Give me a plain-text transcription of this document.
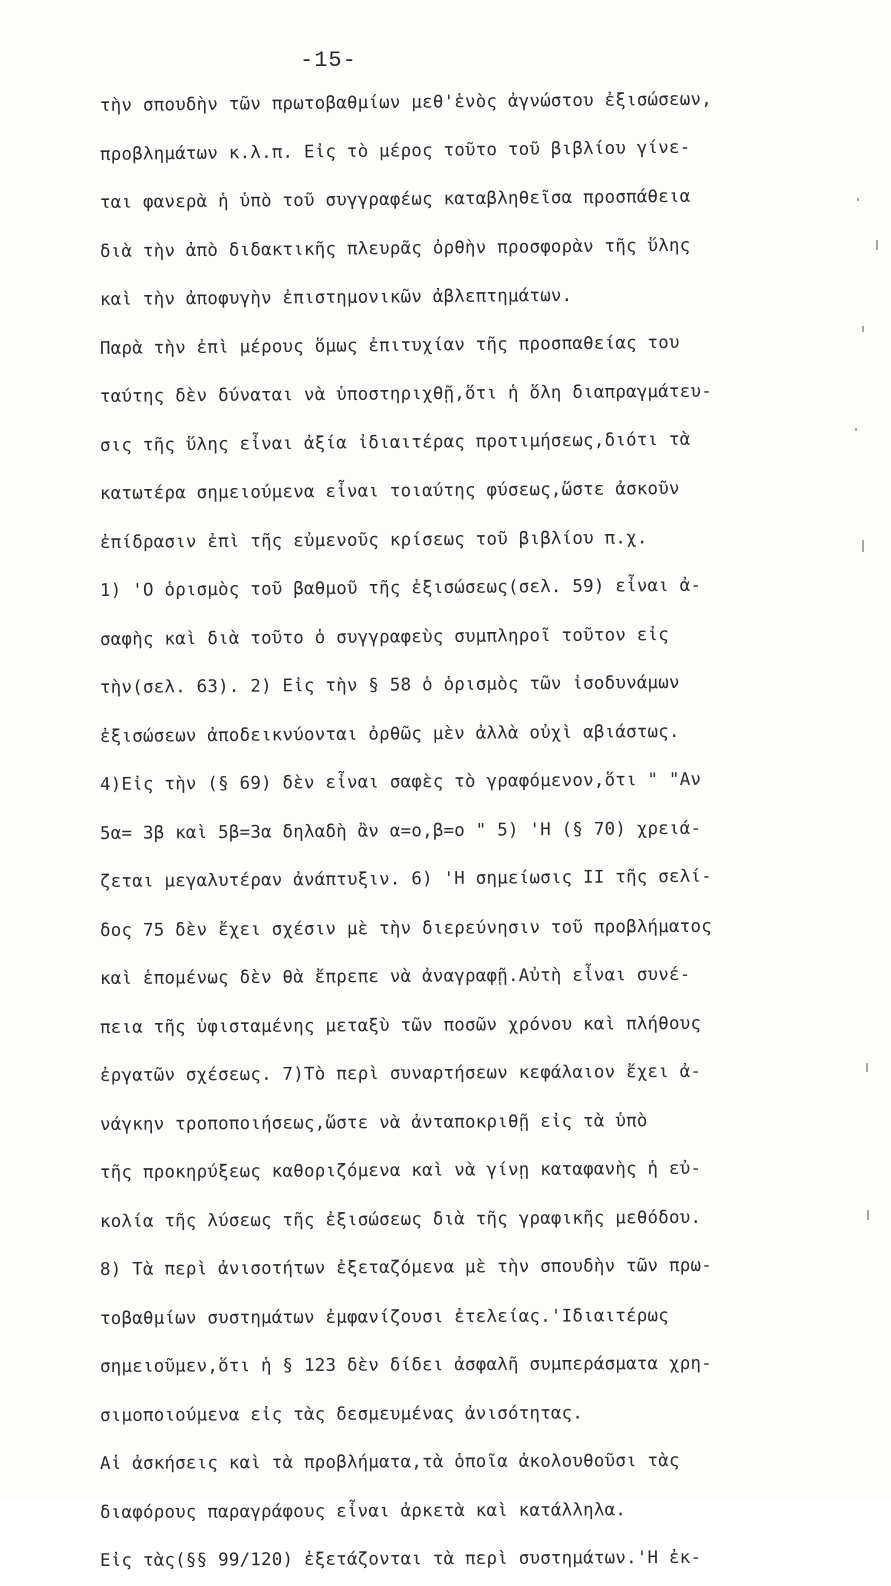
-15-
τὴν σπουδὴν τῶν πρωτοβαθμίων μεθ'ἑνὸς ἀγνώστου ἐξισώσεων,
προβλημάτων κ.λ.π. Εἰς τὸ μέρος τοῦτο τοῦ βιβλίου γίνε-
ται φανερὰ ἡ ὑπὸ τοῦ συγγραφέως καταβληθεῖσα προσπάθεια
διὰ τὴν ἀπὸ διδακτικῆς πλευρᾶς ὀρθὴν προσφορὰν τῆς ὕλης
καὶ τὴν ἀποφυγὴν ἐπιστημονικῶν ἀβλεπτημάτων.
Παρὰ τὴν ἐπὶ μέρους ὅμως ἐπιτυχίαν τῆς προσπαθείας του
ταύτης δὲν δύναται νὰ ὑποστηριχθῇ,ὅτι ἡ ὅλη διαπραγμάτευ-
σις τῆς ὕλης εἶναι ἀξία ἰδιαιτέρας προτιμήσεως,διότι τὰ
κατωτέρα σημειούμενα εἶναι τοιαύτης φύσεως,ὥστε ἀσκοῦν
ἐπίδρασιν ἐπὶ τῆς εὐμενοῦς κρίσεως τοῦ βιβλίου π.χ.
1) 'Ο ὁρισμὸς τοῦ βαθμοῦ τῆς ἐξισώσεως(σελ. 59) εἶναι ἀ-
σαφὴς καὶ διὰ τοῦτο ὁ συγγραφεὺς συμπληροῖ τοῦτον εἰς
τὴν(σελ. 63). 2) Εἰς τὴν § 58 ὁ ὁρισμὸς τῶν ἰσοδυνάμων
ἐξισώσεων ἀποδεικνύονται ὀρθῶς μὲν ἀλλὰ οὐχὶ αβιάστως.
4)Εἰς τὴν (§ 69) δὲν εἶναι σαφὲς τὸ γραφόμενον,ὅτι " "Αν
5α= 3β καὶ 5β=3α δηλαδὴ ἂν α=ο,β=ο " 5) 'Η (§ 70) χρειά-
ζεται μεγαλυτέραν ἀνάπτυξιν. 6) 'Η σημείωσις ΙΙ τῆς σελί-
δος 75 δὲν ἔχει σχέσιν μὲ τὴν διερεύνησιν τοῦ προβλήματος
καὶ ἑπομένως δὲν θὰ ἔπρεπε νὰ ἀναγραφῇ.Αὐτὴ εἶναι συνέ-
πεια τῆς ὑφισταμένης μεταξὺ τῶν ποσῶν χρόνου καὶ πλήθους
ἐργατῶν σχέσεως. 7)Τὸ περὶ συναρτήσεων κεφάλαιον ἔχει ἀ-
νάγκην τροποποιήσεως,ὥστε νὰ ἀνταποκριθῇ εἰς τὰ ὑπὸ
τῆς προκηρύξεως καθοριζόμενα καὶ νὰ γίνῃ καταφανὴς ἡ εὐ-
κολία τῆς λύσεως τῆς ἐξισώσεως διὰ τῆς γραφικῆς μεθόδου.
8) Τὰ περὶ ἀνισοτήτων ἐξεταζόμενα μὲ τὴν σπουδὴν τῶν πρω-
τοβαθμίων συστημάτων ἐμφανίζουσι ἐτελείας.'Ιδιαιτέρως
σημειοῦμεν,ὅτι ἡ § 123 δὲν δίδει ἀσφαλῆ συμπεράσματα χρη-
σιμοποιούμενα εἰς τὰς δεσμευμένας ἀνισότητας.
Αἱ ἀσκήσεις καὶ τὰ προβλήματα,τὰ ὁποῖα ἀκολουθοῦσι τὰς
διαφόρους παραγράφους εἶναι ἀρκετὰ καὶ κατάλληλα.
Εἰς τὰς(§§ 99/120) ἐξετάζονται τὰ περὶ συστημάτων.'Η ἐκ-
